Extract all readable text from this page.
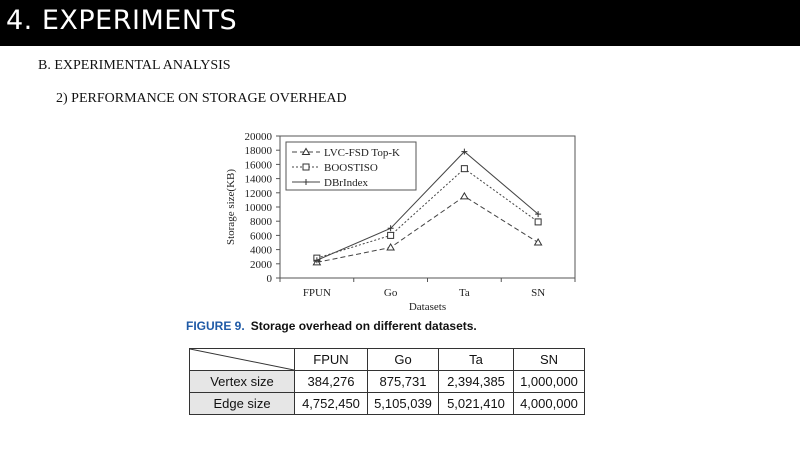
4. EXPERIMENTS
B. EXPERIMENTAL ANALYSIS
2) PERFORMANCE ON STORAGE OVERHEAD
0
2000
4000
6000
8000
10000
12000
14000
16000
18000
20000
FPUN	Go	Ta	SN
Datasets
Storage size(KB)
LVC-FSD Top-K
BOOSTISO
DBrIndex
FIGURE 9. Storage overhead on different datasets.
	FPUN	Go	Ta	SN
Vertex size	384,276	875,731	2,394,385	1,000,000
Edge size	4,752,450	5,105,039	5,021,410	4,000,000
